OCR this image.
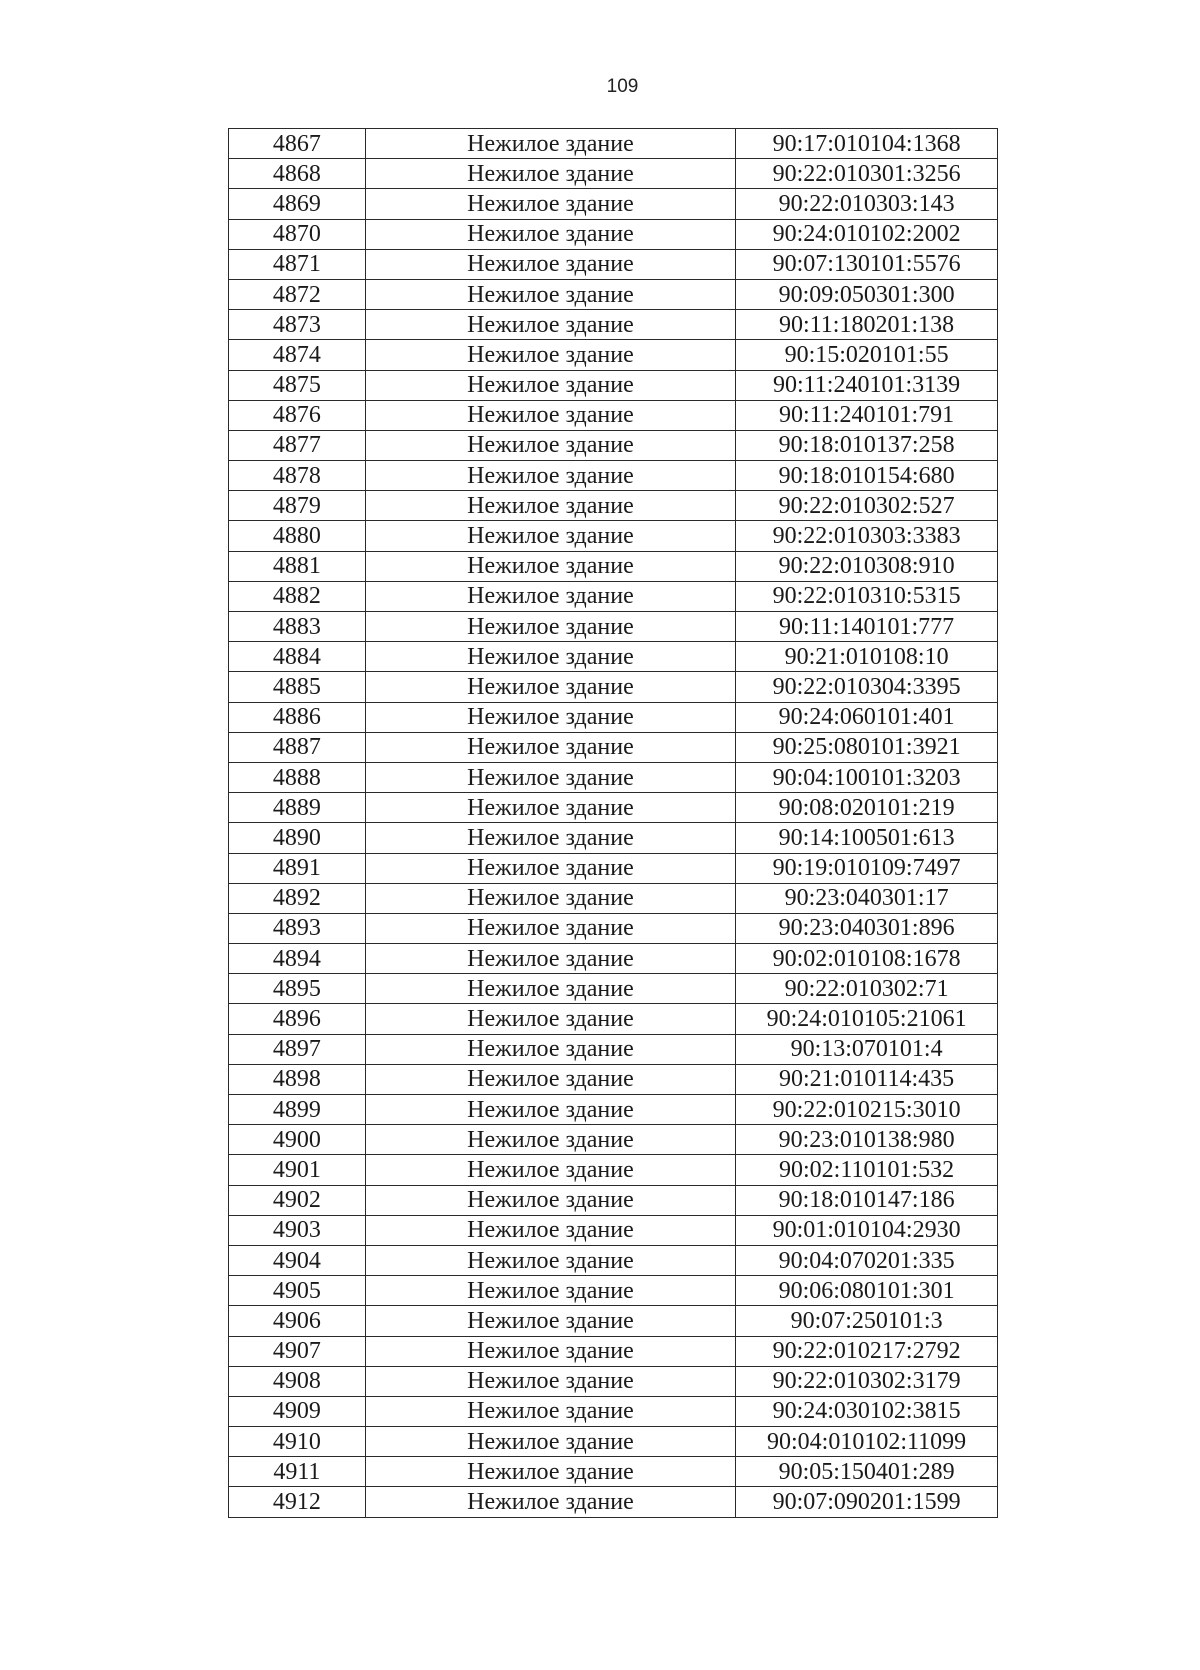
109
4867	Нежилое здание	90:17:010104:1368
4868	Нежилое здание	90:22:010301:3256
4869	Нежилое здание	90:22:010303:143
4870	Нежилое здание	90:24:010102:2002
4871	Нежилое здание	90:07:130101:5576
4872	Нежилое здание	90:09:050301:300
4873	Нежилое здание	90:11:180201:138
4874	Нежилое здание	90:15:020101:55
4875	Нежилое здание	90:11:240101:3139
4876	Нежилое здание	90:11:240101:791
4877	Нежилое здание	90:18:010137:258
4878	Нежилое здание	90:18:010154:680
4879	Нежилое здание	90:22:010302:527
4880	Нежилое здание	90:22:010303:3383
4881	Нежилое здание	90:22:010308:910
4882	Нежилое здание	90:22:010310:5315
4883	Нежилое здание	90:11:140101:777
4884	Нежилое здание	90:21:010108:10
4885	Нежилое здание	90:22:010304:3395
4886	Нежилое здание	90:24:060101:401
4887	Нежилое здание	90:25:080101:3921
4888	Нежилое здание	90:04:100101:3203
4889	Нежилое здание	90:08:020101:219
4890	Нежилое здание	90:14:100501:613
4891	Нежилое здание	90:19:010109:7497
4892	Нежилое здание	90:23:040301:17
4893	Нежилое здание	90:23:040301:896
4894	Нежилое здание	90:02:010108:1678
4895	Нежилое здание	90:22:010302:71
4896	Нежилое здание	90:24:010105:21061
4897	Нежилое здание	90:13:070101:4
4898	Нежилое здание	90:21:010114:435
4899	Нежилое здание	90:22:010215:3010
4900	Нежилое здание	90:23:010138:980
4901	Нежилое здание	90:02:110101:532
4902	Нежилое здание	90:18:010147:186
4903	Нежилое здание	90:01:010104:2930
4904	Нежилое здание	90:04:070201:335
4905	Нежилое здание	90:06:080101:301
4906	Нежилое здание	90:07:250101:3
4907	Нежилое здание	90:22:010217:2792
4908	Нежилое здание	90:22:010302:3179
4909	Нежилое здание	90:24:030102:3815
4910	Нежилое здание	90:04:010102:11099
4911	Нежилое здание	90:05:150401:289
4912	Нежилое здание	90:07:090201:1599
